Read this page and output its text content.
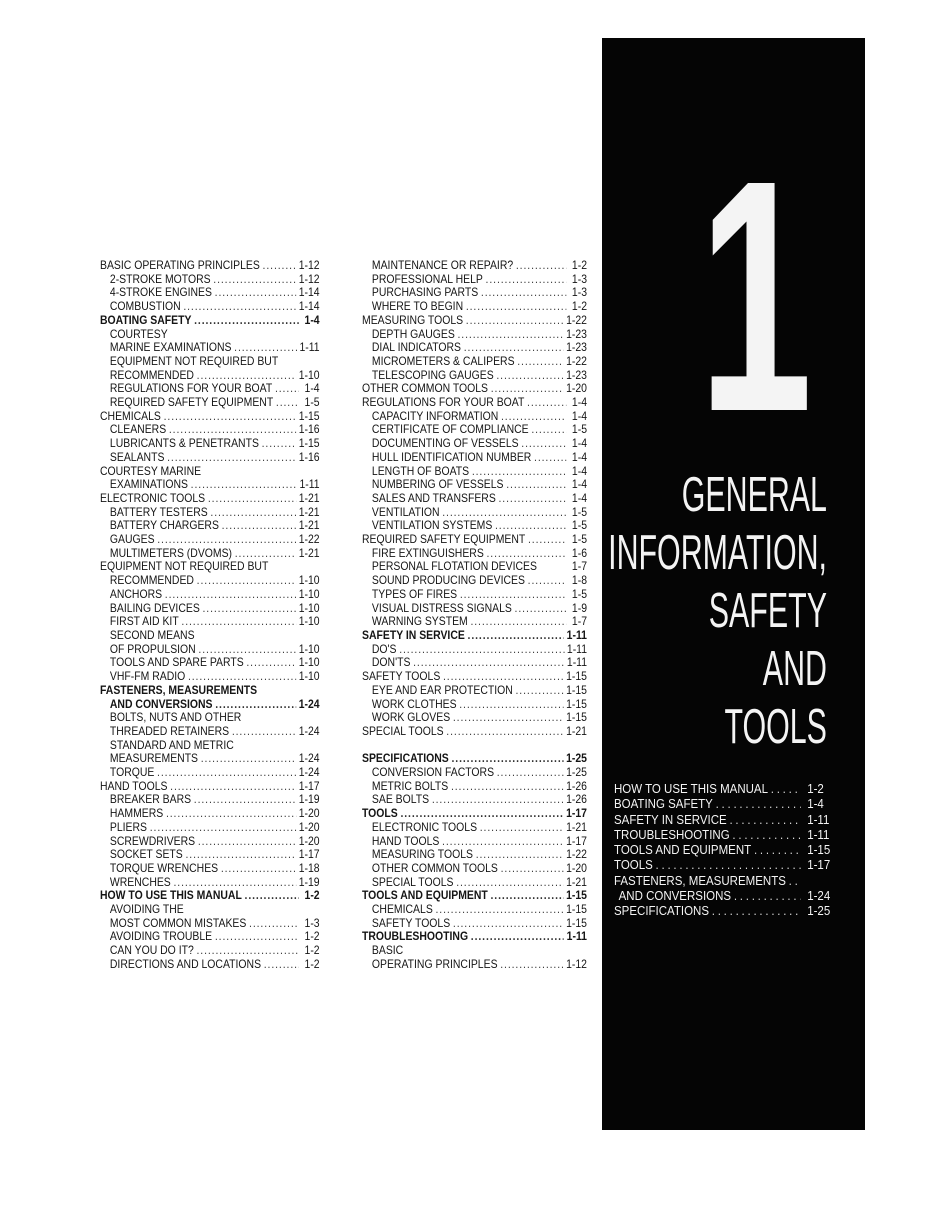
BASIC OPERATING PRINCIPLES .....	1-12
2-STROKE MOTORS .....	1-12
4-STROKE ENGINES .....	1-14
COMBUSTION .....	1-14
BOATING SAFETY .....	1-4
COURTESY
MARINE EXAMINATIONS .....	1-11
EQUIPMENT NOT REQUIRED BUT
RECOMMENDED .....	1-10
REGULATIONS FOR YOUR BOAT .....	1-4
REQUIRED SAFETY EQUIPMENT .....	1-5
CHEMICALS .....	1-15
CLEANERS .....	1-16
LUBRICANTS & PENETRANTS .....	1-15
SEALANTS .....	1-16
COURTESY MARINE
EXAMINATIONS .....	1-11
ELECTRONIC TOOLS .....	1-21
BATTERY TESTERS .....	1-21
BATTERY CHARGERS .....	1-21
GAUGES .....	1-22
MULTIMETERS (DVOMS) .....	1-21
EQUIPMENT NOT REQUIRED BUT
RECOMMENDED .....	1-10
ANCHORS .....	1-10
BAILING DEVICES .....	1-10
FIRST AID KIT .....	1-10
SECOND MEANS
OF PROPULSION .....	1-10
TOOLS AND SPARE PARTS .....	1-10
VHF-FM RADIO .....	1-10
FASTENERS, MEASUREMENTS
AND CONVERSIONS .....	1-24
BOLTS, NUTS AND OTHER
THREADED RETAINERS .....	1-24
STANDARD AND METRIC
MEASUREMENTS .....	1-24
TORQUE .....	1-24
HAND TOOLS .....	1-17
BREAKER BARS .....	1-19
HAMMERS .....	1-20
PLIERS .....	1-20
SCREWDRIVERS .....	1-20
SOCKET SETS .....	1-17
TORQUE WRENCHES .....	1-18
WRENCHES .....	1-19
HOW TO USE THIS MANUAL .....	1-2
AVOIDING THE
MOST COMMON MISTAKES .....	1-3
AVOIDING TROUBLE .....	1-2
CAN YOU DO IT? .....	1-2
DIRECTIONS AND LOCATIONS .....	1-2
MAINTENANCE OR REPAIR? .....	1-2
PROFESSIONAL HELP .....	1-3
PURCHASING PARTS .....	1-3
WHERE TO BEGIN .....	1-2
MEASURING TOOLS .....	1-22
DEPTH GAUGES .....	1-23
DIAL INDICATORS .....	1-23
MICROMETERS & CALIPERS .....	1-22
TELESCOPING GAUGES .....	1-23
OTHER COMMON TOOLS .....	1-20
REGULATIONS FOR YOUR BOAT .....	1-4
CAPACITY INFORMATION .....	1-4
CERTIFICATE OF COMPLIANCE .....	1-5
DOCUMENTING OF VESSELS .....	1-4
HULL IDENTIFICATION NUMBER .....	1-4
LENGTH OF BOATS .....	1-4
NUMBERING OF VESSELS .....	1-4
SALES AND TRANSFERS .....	1-4
VENTILATION .....	1-5
VENTILATION SYSTEMS .....	1-5
REQUIRED SAFETY EQUIPMENT .....	1-5
FIRE EXTINGUISHERS .....	1-6
PERSONAL FLOTATION DEVICES	1-7
SOUND PRODUCING DEVICES .....	1-8
TYPES OF FIRES .....	1-5
VISUAL DISTRESS SIGNALS .....	1-9
WARNING SYSTEM .....	1-7
SAFETY IN SERVICE .....	1-11
DO'S .....	1-11
DON'TS .....	1-11
SAFETY TOOLS .....	1-15
EYE AND EAR PROTECTION .....	1-15
WORK CLOTHES .....	1-15
WORK GLOVES .....	1-15
SPECIAL TOOLS .....	1-21
SPECIFICATIONS .....	1-25
CONVERSION FACTORS .....	1-25
METRIC BOLTS .....	1-26
SAE BOLTS .....	1-26
TOOLS .....	1-17
ELECTRONIC TOOLS .....	1-21
HAND TOOLS .....	1-17
MEASURING TOOLS .....	1-22
OTHER COMMON TOOLS .....	1-20
SPECIAL TOOLS .....	1-21
TOOLS AND EQUIPMENT .....	1-15
CHEMICALS .....	1-15
SAFETY TOOLS .....	1-15
TROUBLESHOOTING .....	1-11
BASIC
OPERATING PRINCIPLES .....	1-12
1
GENERAL
INFORMATION,
SAFETY
AND
TOOLS
HOW TO USE THIS MANUAL .....	1-2
BOATING SAFETY .....	1-4
SAFETY IN SERVICE .....	1-11
TROUBLESHOOTING .....	1-11
TOOLS AND EQUIPMENT .....	1-15
TOOLS .....	1-17
FASTENERS, MEASUREMENTS
.....
AND CONVERSIONS .....	1-24
SPECIFICATIONS .....	1-25
